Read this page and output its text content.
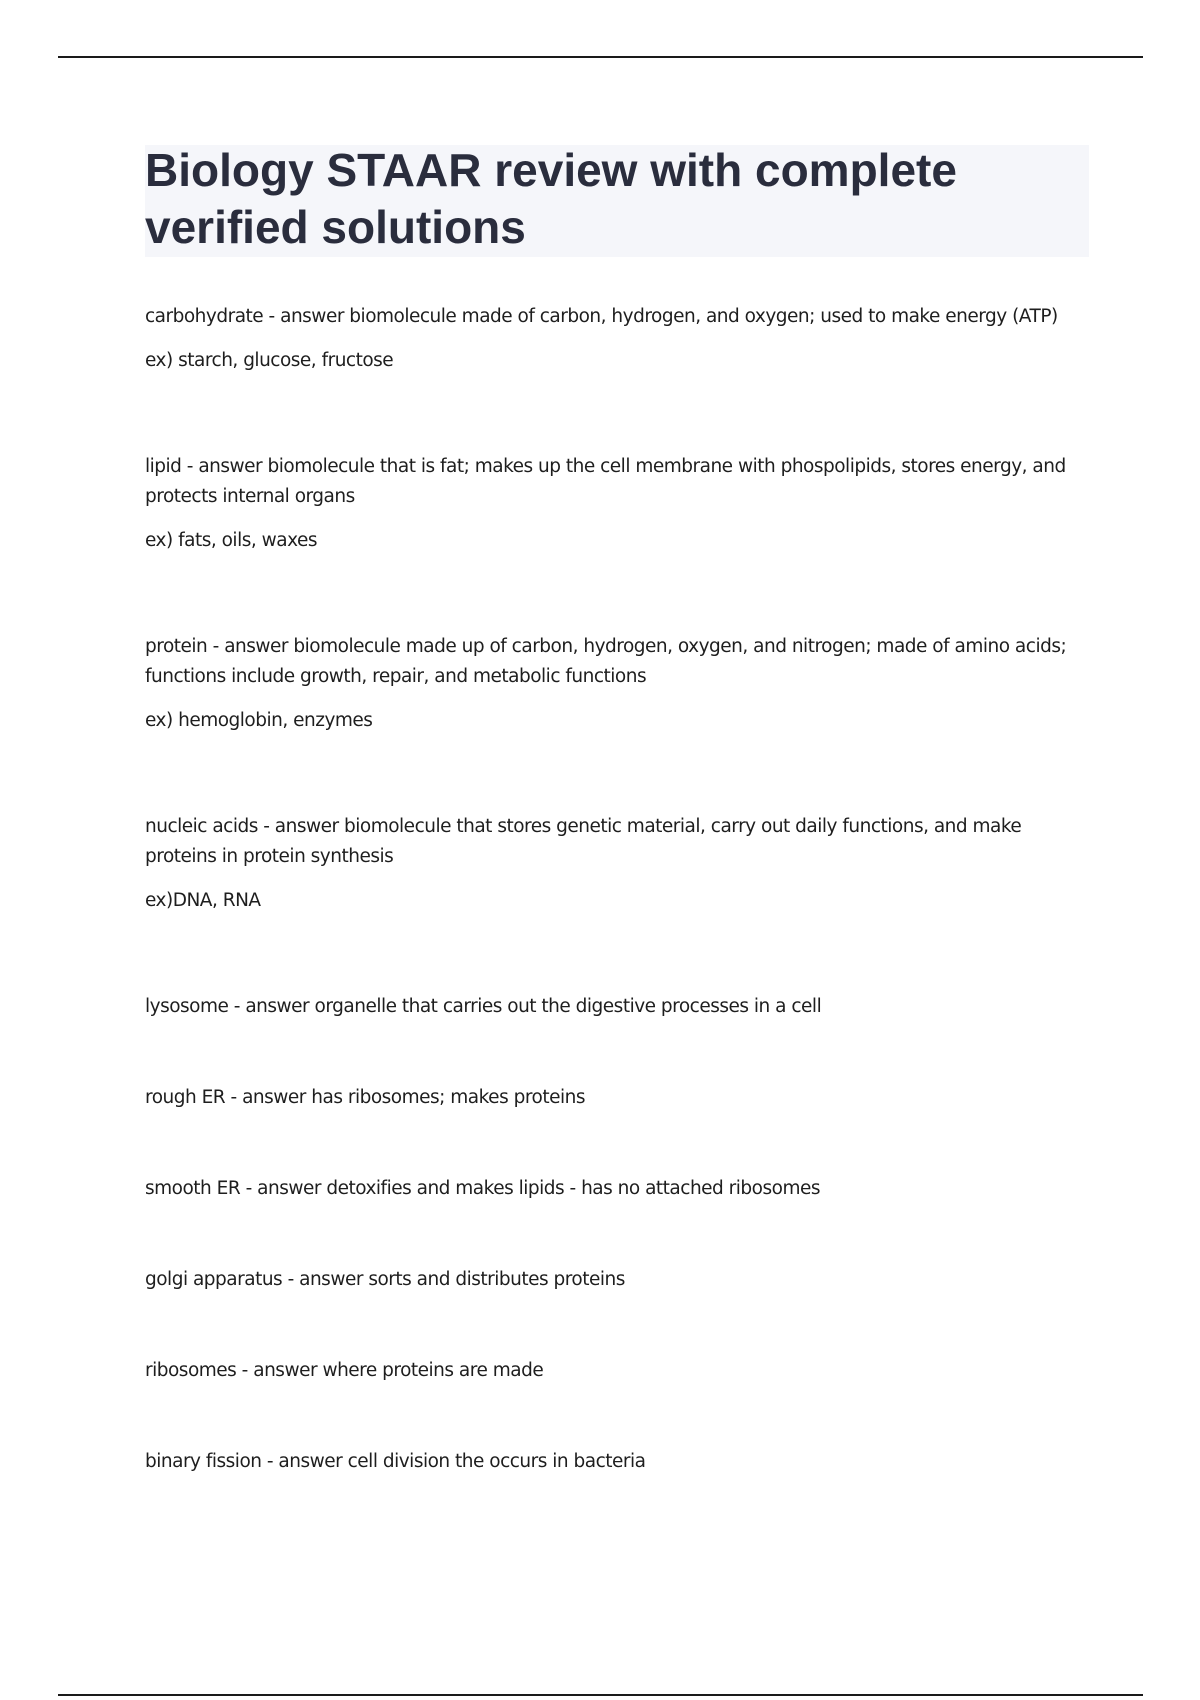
Biology STAAR review with complete verified solutions

carbohydrate - answer biomolecule made of carbon, hydrogen, and oxygen; used to make energy (ATP)

ex) starch, glucose, fructose

lipid - answer biomolecule that is fat; makes up the cell membrane with phospolipids, stores energy, and protects internal organs

ex) fats, oils, waxes

protein - answer biomolecule made up of carbon, hydrogen, oxygen, and nitrogen; made of amino acids; functions include growth, repair, and metabolic functions

ex) hemoglobin, enzymes

nucleic acids - answer biomolecule that stores genetic material, carry out daily functions, and make proteins in protein synthesis

ex)DNA, RNA

lysosome - answer organelle that carries out the digestive processes in a cell

rough ER - answer has ribosomes; makes proteins

smooth ER - answer detoxifies and makes lipids - has no attached ribosomes

golgi apparatus - answer sorts and distributes proteins

ribosomes - answer where proteins are made

binary fission - answer cell division the occurs in bacteria
